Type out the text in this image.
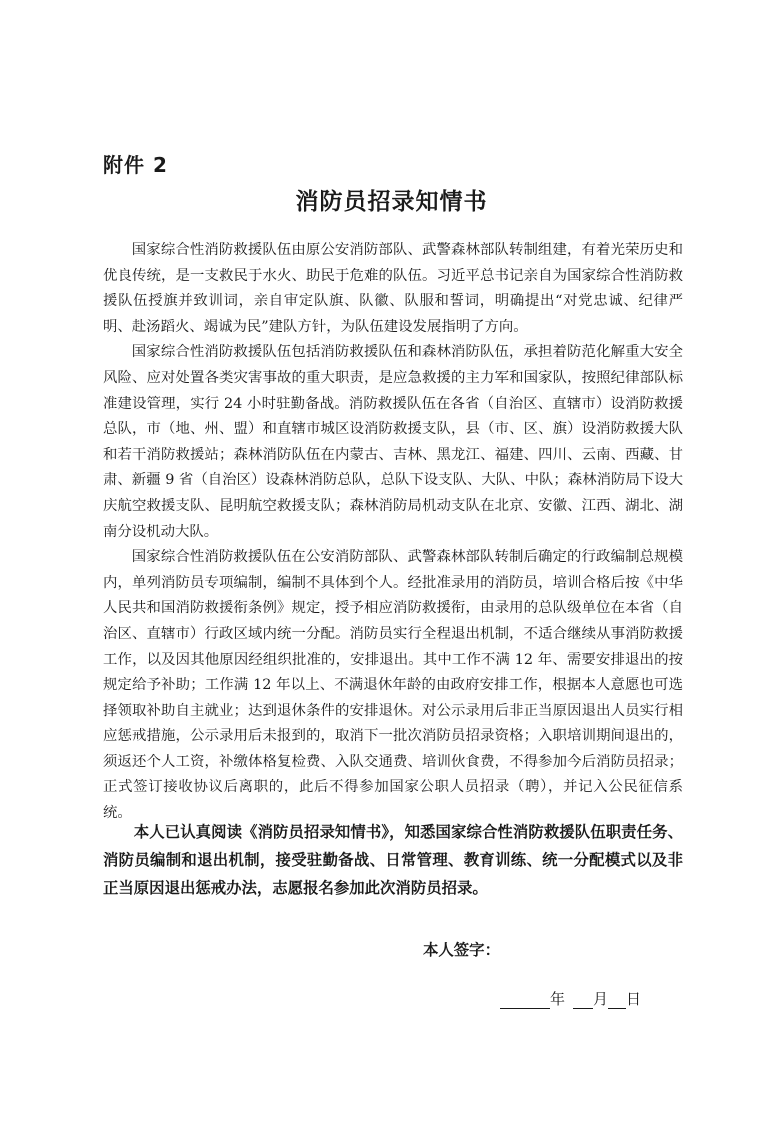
附件 2
消防员招录知情书

国家综合性消防救援队伍由原公安消防部队、武警森林部队转制组建，有着光荣历史和优良传统，是一支救民于水火、助民于危难的队伍。习近平总书记亲自为国家综合性消防救援队伍授旗并致训词，亲自审定队旗、队徽、队服和誓词，明确提出“对党忠诚、纪律严明、赴汤蹈火、竭诚为民”建队方针，为队伍建设发展指明了方向。

国家综合性消防救援队伍包括消防救援队伍和森林消防队伍，承担着防范化解重大安全风险、应对处置各类灾害事故的重大职责，是应急救援的主力军和国家队，按照纪律部队标准建设管理，实行 24 小时驻勤备战。消防救援队伍在各省（自治区、直辖市）设消防救援总队，市（地、州、盟）和直辖市城区设消防救援支队，县（市、区、旗）设消防救援大队和若干消防救援站；森林消防队伍在内蒙古、吉林、黑龙江、福建、四川、云南、西藏、甘肃、新疆 9 省（自治区）设森林消防总队，总队下设支队、大队、中队；森林消防局下设大庆航空救援支队、昆明航空救援支队；森林消防局机动支队在北京、安徽、江西、湖北、湖南分设机动大队。

国家综合性消防救援队伍在公安消防部队、武警森林部队转制后确定的行政编制总规模内，单列消防员专项编制，编制不具体到个人。经批准录用的消防员，培训合格后按《中华人民共和国消防救援衔条例》规定，授予相应消防救援衔，由录用的总队级单位在本省（自治区、直辖市）行政区域内统一分配。消防员实行全程退出机制，不适合继续从事消防救援工作，以及因其他原因经组织批准的，安排退出。其中工作不满 12 年、需要安排退出的按规定给予补助；工作满 12 年以上、不满退休年龄的由政府安排工作，根据本人意愿也可选择领取补助自主就业；达到退休条件的安排退休。对公示录用后非正当原因退出人员实行相应惩戒措施，公示录用后未报到的，取消下一批次消防员招录资格；入职培训期间退出的，须返还个人工资，补缴体格复检费、入队交通费、培训伙食费，不得参加今后消防员招录；正式签订接收协议后离职的，此后不得参加国家公职人员招录（聘），并记入公民征信系统。

本人已认真阅读《消防员招录知情书》，知悉国家综合性消防救援队伍职责任务、消防员编制和退出机制，接受驻勤备战、日常管理、教育训练、统一分配模式以及非正当原因退出惩戒办法，志愿报名参加此次消防员招录。

本人签字：

年 月 日
